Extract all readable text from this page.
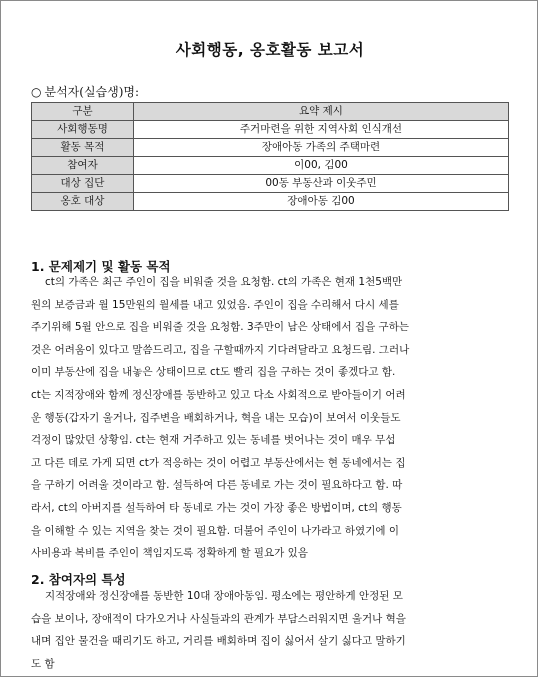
사회행동, 옹호활동 보고서
○ 분석자(실습생)명:
구분	요약 제시
사회행동명	주거마련을 위한 지역사회 인식개선
활동 목적	장애아동 가족의 주택마련
참여자	이00, 김00
대상 집단	00동 부동산과 이웃주민
옹호 대상	장애아동 김00
1. 문제제기 및 활동 목적

ct의 가족은 최근 주인이 집을 비워줄 것을 요청함. ct의 가족은 현재 1천5백만
원의 보증금과 월 15만원의 월세를 내고 있었음. 주인이 집을 수리해서 다시 세를
주기위해 5월 안으로 집을 비워줄 것을 요청함. 3주만이 남은 상태에서 집을 구하는
것은 어려움이 있다고 말씀드리고, 집을 구할때까지 기다려달라고 요청드림. 그러나
이미 부동산에 집을 내놓은 상태이므로 ct도 빨리 집을 구하는 것이 좋겠다고 함.
ct는 지적장애와 함께 정신장애를 동반하고 있고 다소 사회적으로 받아들이기 어려
운 행동(갑자기 울거나, 집주변을 배회하거나, 혁을 내는 모습)이 보여서 이웃들도
걱정이 많았던 상황임. ct는 현재 거주하고 있는 동네를 벗어나는 것이 매우 무섭
고 다른 데로 가게 되면 ct가 적응하는 것이 어렵고 부동산에서는 현 동네에서는 집
을 구하기 어려울 것이라고 함. 설득하여 다른 동네로 가는 것이 필요하다고 함. 따
라서, ct의 아버지를 설득하여 타 동네로 가는 것이 가장 좋은 방법이며, ct의 행동
을 이해할 수 있는 지역을 찾는 것이 필요함. 더불어 주인이 나가라고 하였기에 이
사비용과 복비를 주인이 책임지도록 정확하게 할 필요가 있음

2. 참여자의 특성

지적장애와 정신장애를 동반한 10대 장애아동임. 평소에는 평안하게 안정된 모
습을 보이나, 장애적이 다가오거나 사실들과의 관계가 부담스러워지면 울거나 혁을
내며 집안 물건을 때리기도 하고, 거리를 배회하며 집이 싫어서 살기 싫다고 말하기
도 함
